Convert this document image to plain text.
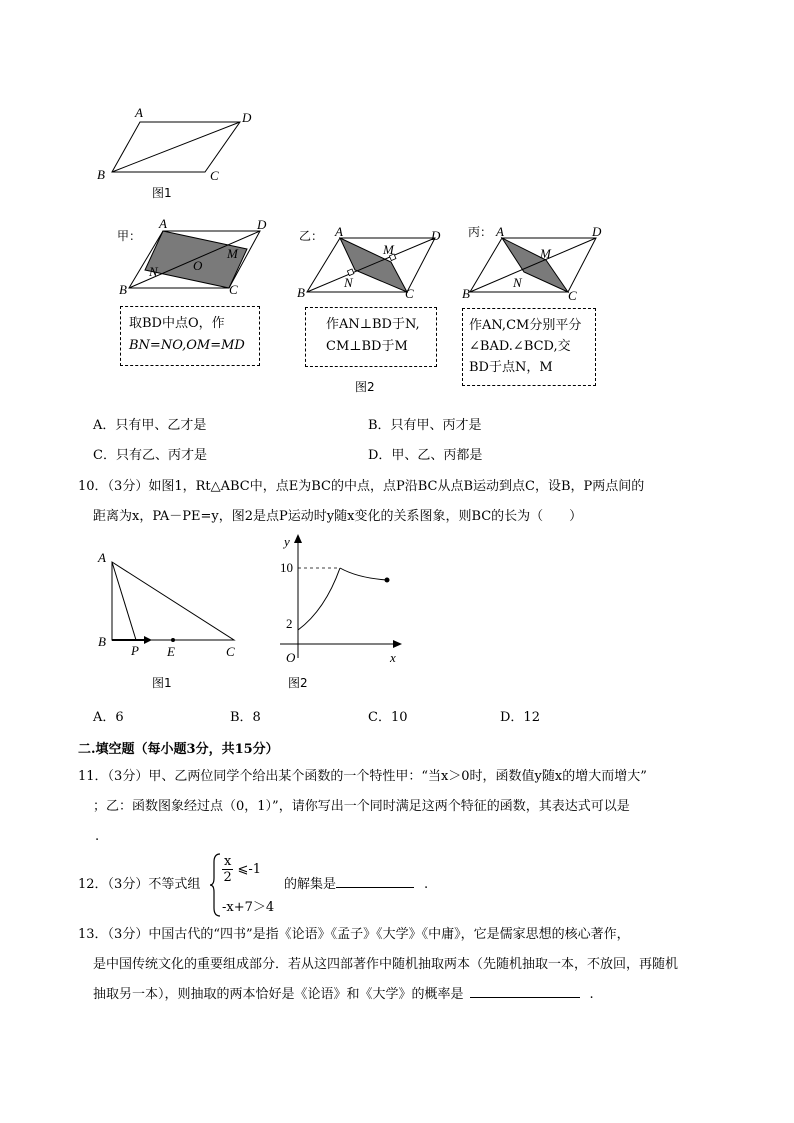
A	D
B	C
图1
甲：
A	D
B	C
N	O
M
取BD中点O，作
BN=NO,OM=MD
乙： A	D
B	C
N
M
作AN⊥BD于N,
CM⊥BD于M
图2
丙： A	D
B	C
N
M
作AN,CM分别平分
∠BAD.∠BCD,交
BD于点N，M
A．只有甲、乙才是	B．只有甲、丙才是
C．只有乙、丙才是	D．甲、乙、丙都是
10．（3分）如图1，Rt△ABC中，点E为BC的中点，点P沿BC从点B运动到点C，设B，P两点间的
距离为x，PA－PE=y，图2是点P运动时y随x变化的关系图象，则BC的长为（　　）
A
B
P E	C
图1
y
x
O
10
2
图2
A．6	B．8	C．10	D．12
二.填空题（每小题3分，共15分）
11．（3分）甲、乙两位同学个给出某个函数的一个特性甲：“当x＞0时，函数值y随x的增大而增大”
；乙：函数图象经过点（0，1）”，请你写出一个同时满足这两个特征的函数，其表达式可以是
.
12．（3分）不等式组 $\frac{x}{2}$ ⩽-1
-x+7＞4
的解集是	.
13．（3分）中国古代的“四书”是指《论语》《孟子》《大学》《中庸》，它是儒家思想的核心著作，
是中国传统文化的重要组成部分．若从这四部著作中随机抽取两本（先随机抽取一本，不放回，再随机
抽取另一本），则抽取的两本恰好是《论语》和《大学》的概率是	.
